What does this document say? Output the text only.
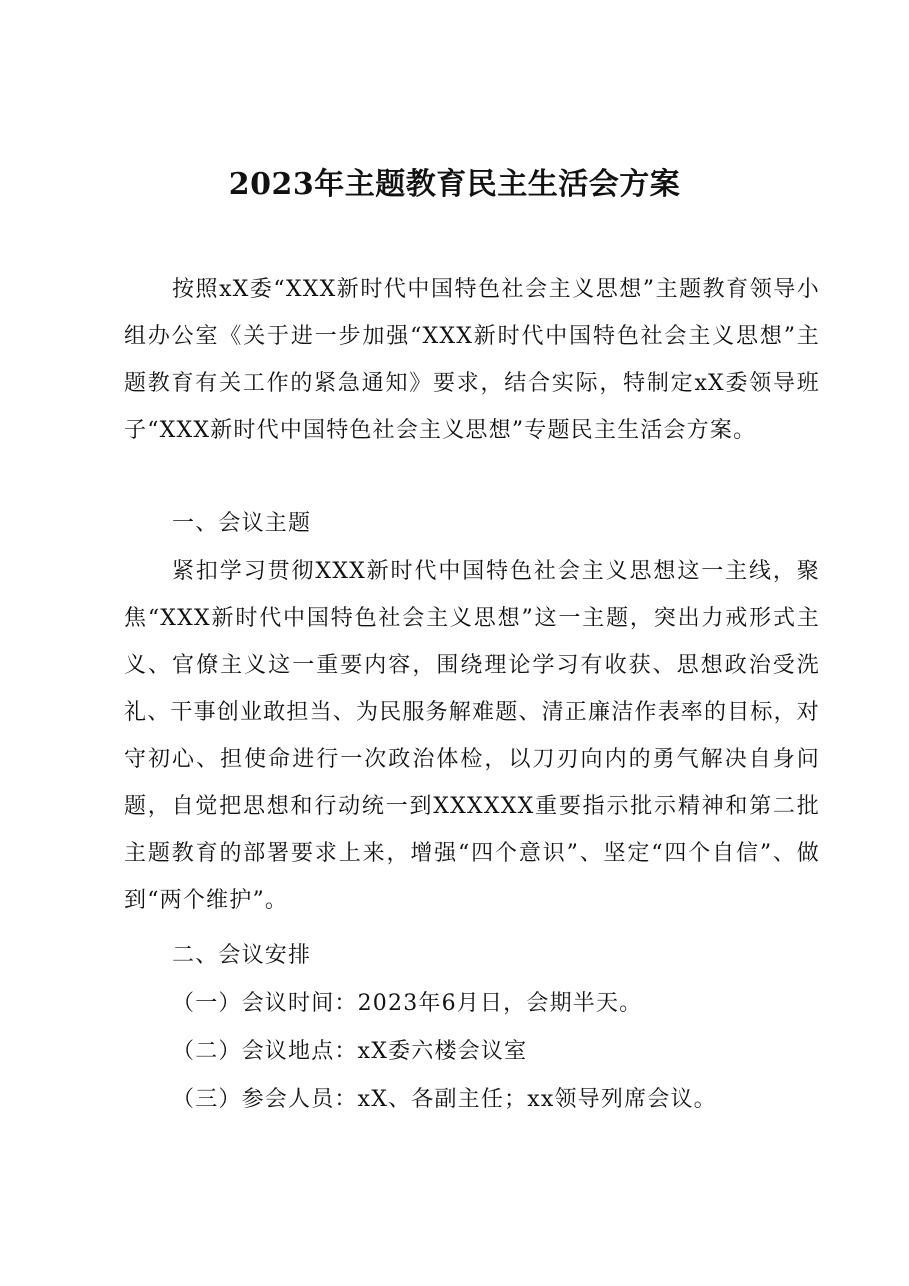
2023年主题教育民主生活会方案

按照xX委“XXX新时代中国特色社会主义思想”主题教育领导小组办公室《关于进一步加强“XXX新时代中国特色社会主义思想”主题教育有关工作的紧急通知》要求，结合实际，特制定xX委领导班子“XXX新时代中国特色社会主义思想”专题民主生活会方案。

一、会议主题

紧扣学习贯彻XXX新时代中国特色社会主义思想这一主线，聚焦“XXX新时代中国特色社会主义思想”这一主题，突出力戒形式主义、官僚主义这一重要内容，围绕理论学习有收获、思想政治受洗礼、干事创业敢担当、为民服务解难题、清正廉洁作表率的目标，对守初心、担使命进行一次政治体检，以刀刃向内的勇气解决自身问题，自觉把思想和行动统一到XXXXXX重要指示批示精神和第二批主题教育的部署要求上来，增强“四个意识”、坚定“四个自信”、做到“两个维护”。

二、会议安排
（一）会议时间：2023年6月日，会期半天。
（二）会议地点：xX委六楼会议室
（三）参会人员：xX、各副主任；xx领导列席会议。
